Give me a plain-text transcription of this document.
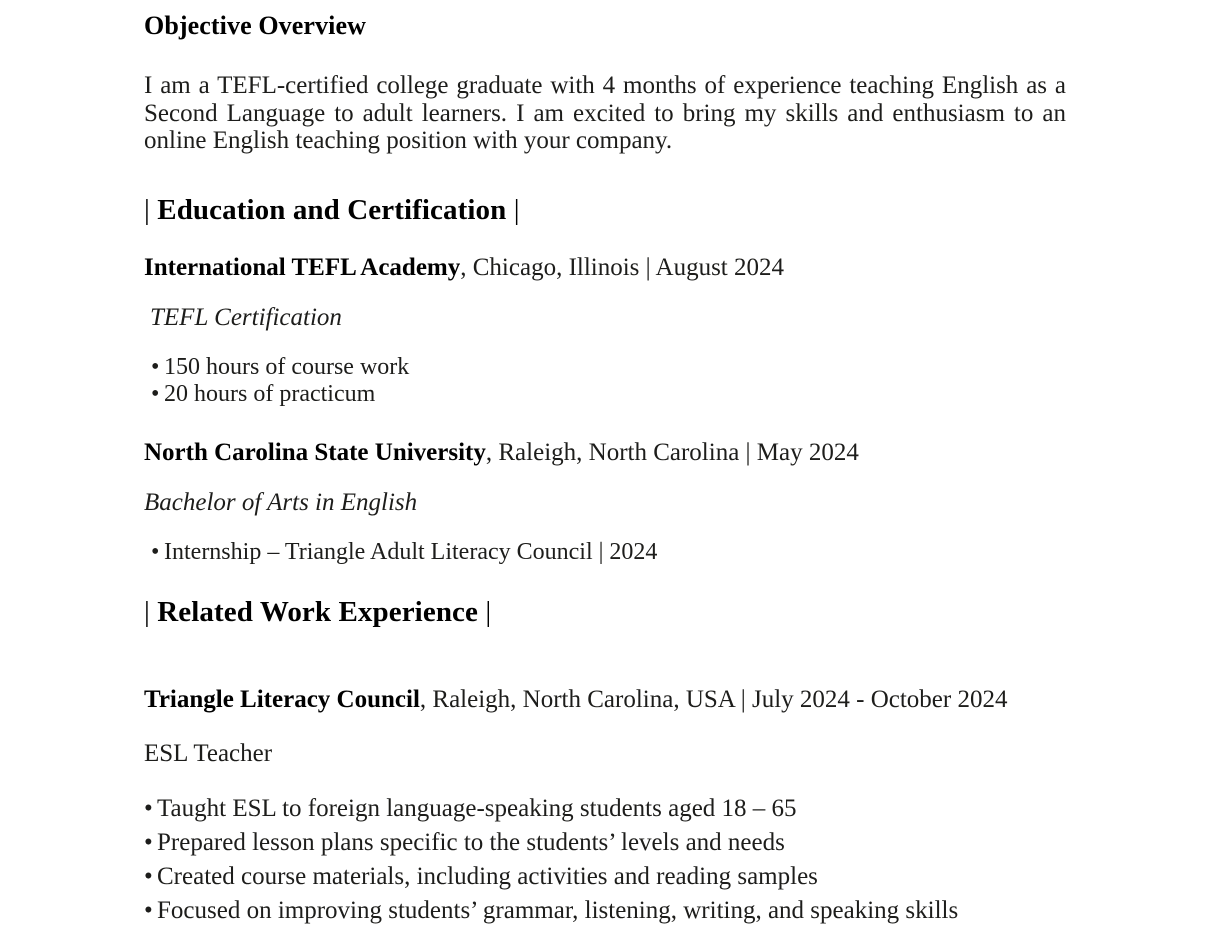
Objective Overview

I am a TEFL-certified college graduate with 4 months of experience teaching English as a Second Language to adult learners. I am excited to bring my skills and enthusiasm to an online English teaching position with your company.

| Education and Certification |

International TEFL Academy, Chicago, Illinois | August 2024

TEFL Certification

• 150 hours of course work
• 20 hours of practicum

North Carolina State University, Raleigh, North Carolina | May 2024

Bachelor of Arts in English

• Internship – Triangle Adult Literacy Council | 2024
| Related Work Experience |

Triangle Literacy Council, Raleigh, North Carolina, USA | July 2024 - October 2024

ESL Teacher

• Taught ESL to foreign language-speaking students aged 18 – 65
• Prepared lesson plans specific to the students’ levels and needs
• Created course materials, including activities and reading samples
• Focused on improving students’ grammar, listening, writing, and speaking skills
